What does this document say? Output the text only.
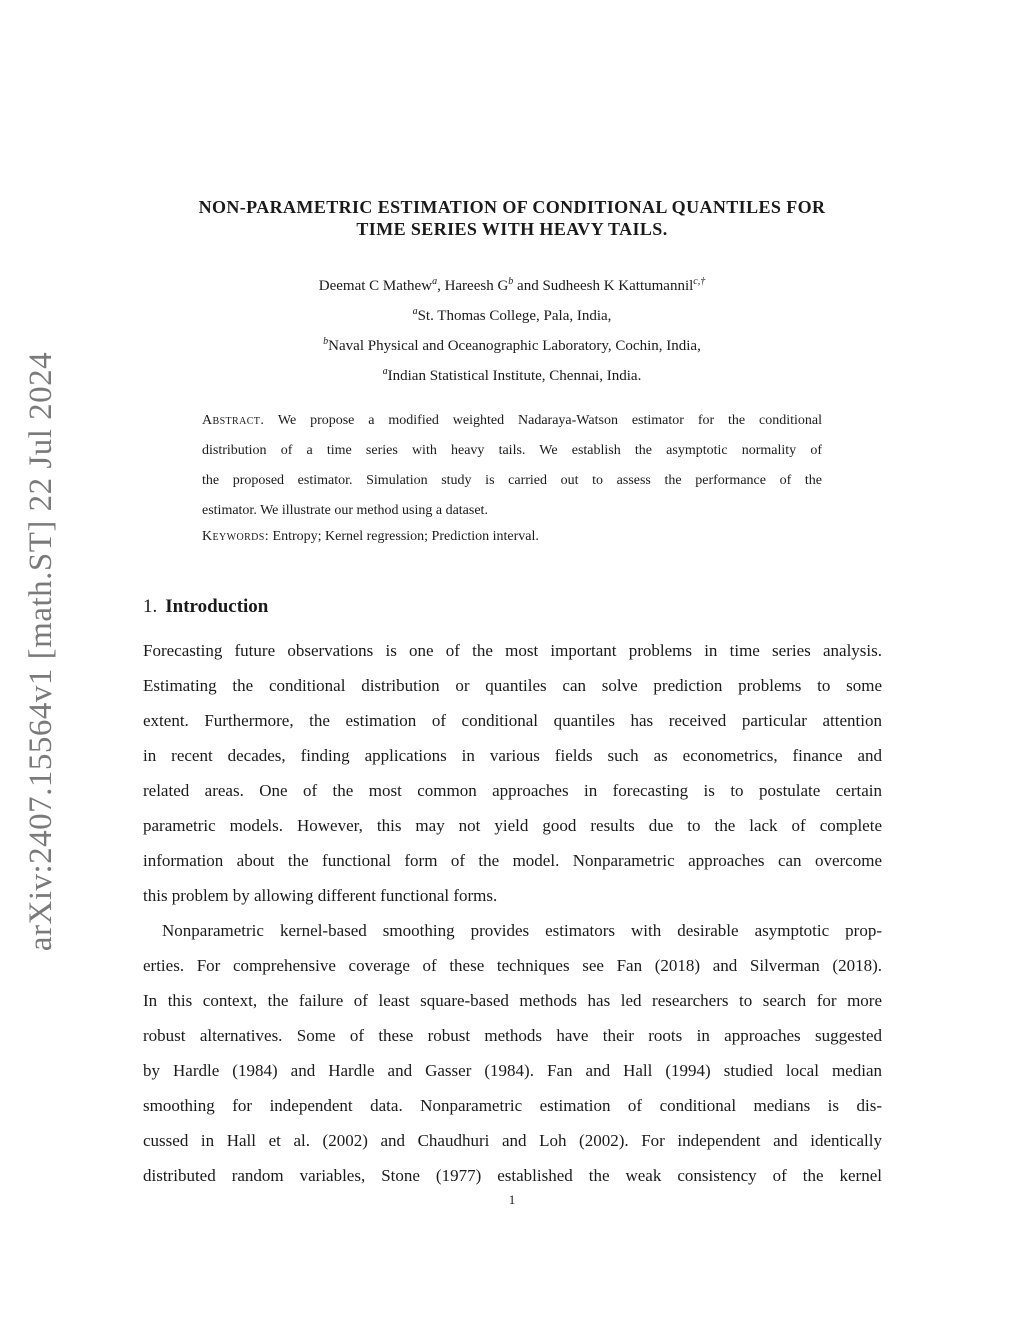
arXiv:2407.15564v1 [math.ST] 22 Jul 2024
NON-PARAMETRIC ESTIMATION OF CONDITIONAL QUANTILES FOR
TIME SERIES WITH HEAVY TAILS.
Deemat C Mathew$^a$, Hareesh $G^b$ and Sudheesh K Kattumannil$^{c,\dagger}$
$^a$St. Thomas College, Pala, India,
$^b$Naval Physical and Oceanographic Laboratory, Cochin, India,
$^a$Indian Statistical Institute, Chennai, India.
Abstract. We propose a modified weighted Nadaraya-Watson estimator for the conditional
distribution of a time series with heavy tails. We establish the asymptotic normality of
the proposed estimator. Simulation study is carried out to assess the performance of the
estimator. We illustrate our method using a dataset.
Keywords: Entropy; Kernel regression; Prediction interval.
1. Introduction
Forecasting future observations is one of the most important problems in time series analysis.
Estimating the conditional distribution or quantiles can solve prediction problems to some
extent. Furthermore, the estimation of conditional quantiles has received particular attention
in recent decades, finding applications in various fields such as econometrics, finance and
related areas. One of the most common approaches in forecasting is to postulate certain
parametric models. However, this may not yield good results due to the lack of complete
information about the functional form of the model. Nonparametric approaches can overcome
this problem by allowing different functional forms.
Nonparametric kernel-based smoothing provides estimators with desirable asymptotic prop-
erties. For comprehensive coverage of these techniques see Fan (2018) and Silverman (2018).
In this context, the failure of least square-based methods has led researchers to search for more
robust alternatives. Some of these robust methods have their roots in approaches suggested
by Hardle (1984) and Hardle and Gasser (1984). Fan and Hall (1994) studied local median
smoothing for independent data. Nonparametric estimation of conditional medians is dis-
cussed in Hall et al. (2002) and Chaudhuri and Loh (2002). For independent and identically
distributed random variables, Stone (1977) established the weak consistency of the kernel
1
